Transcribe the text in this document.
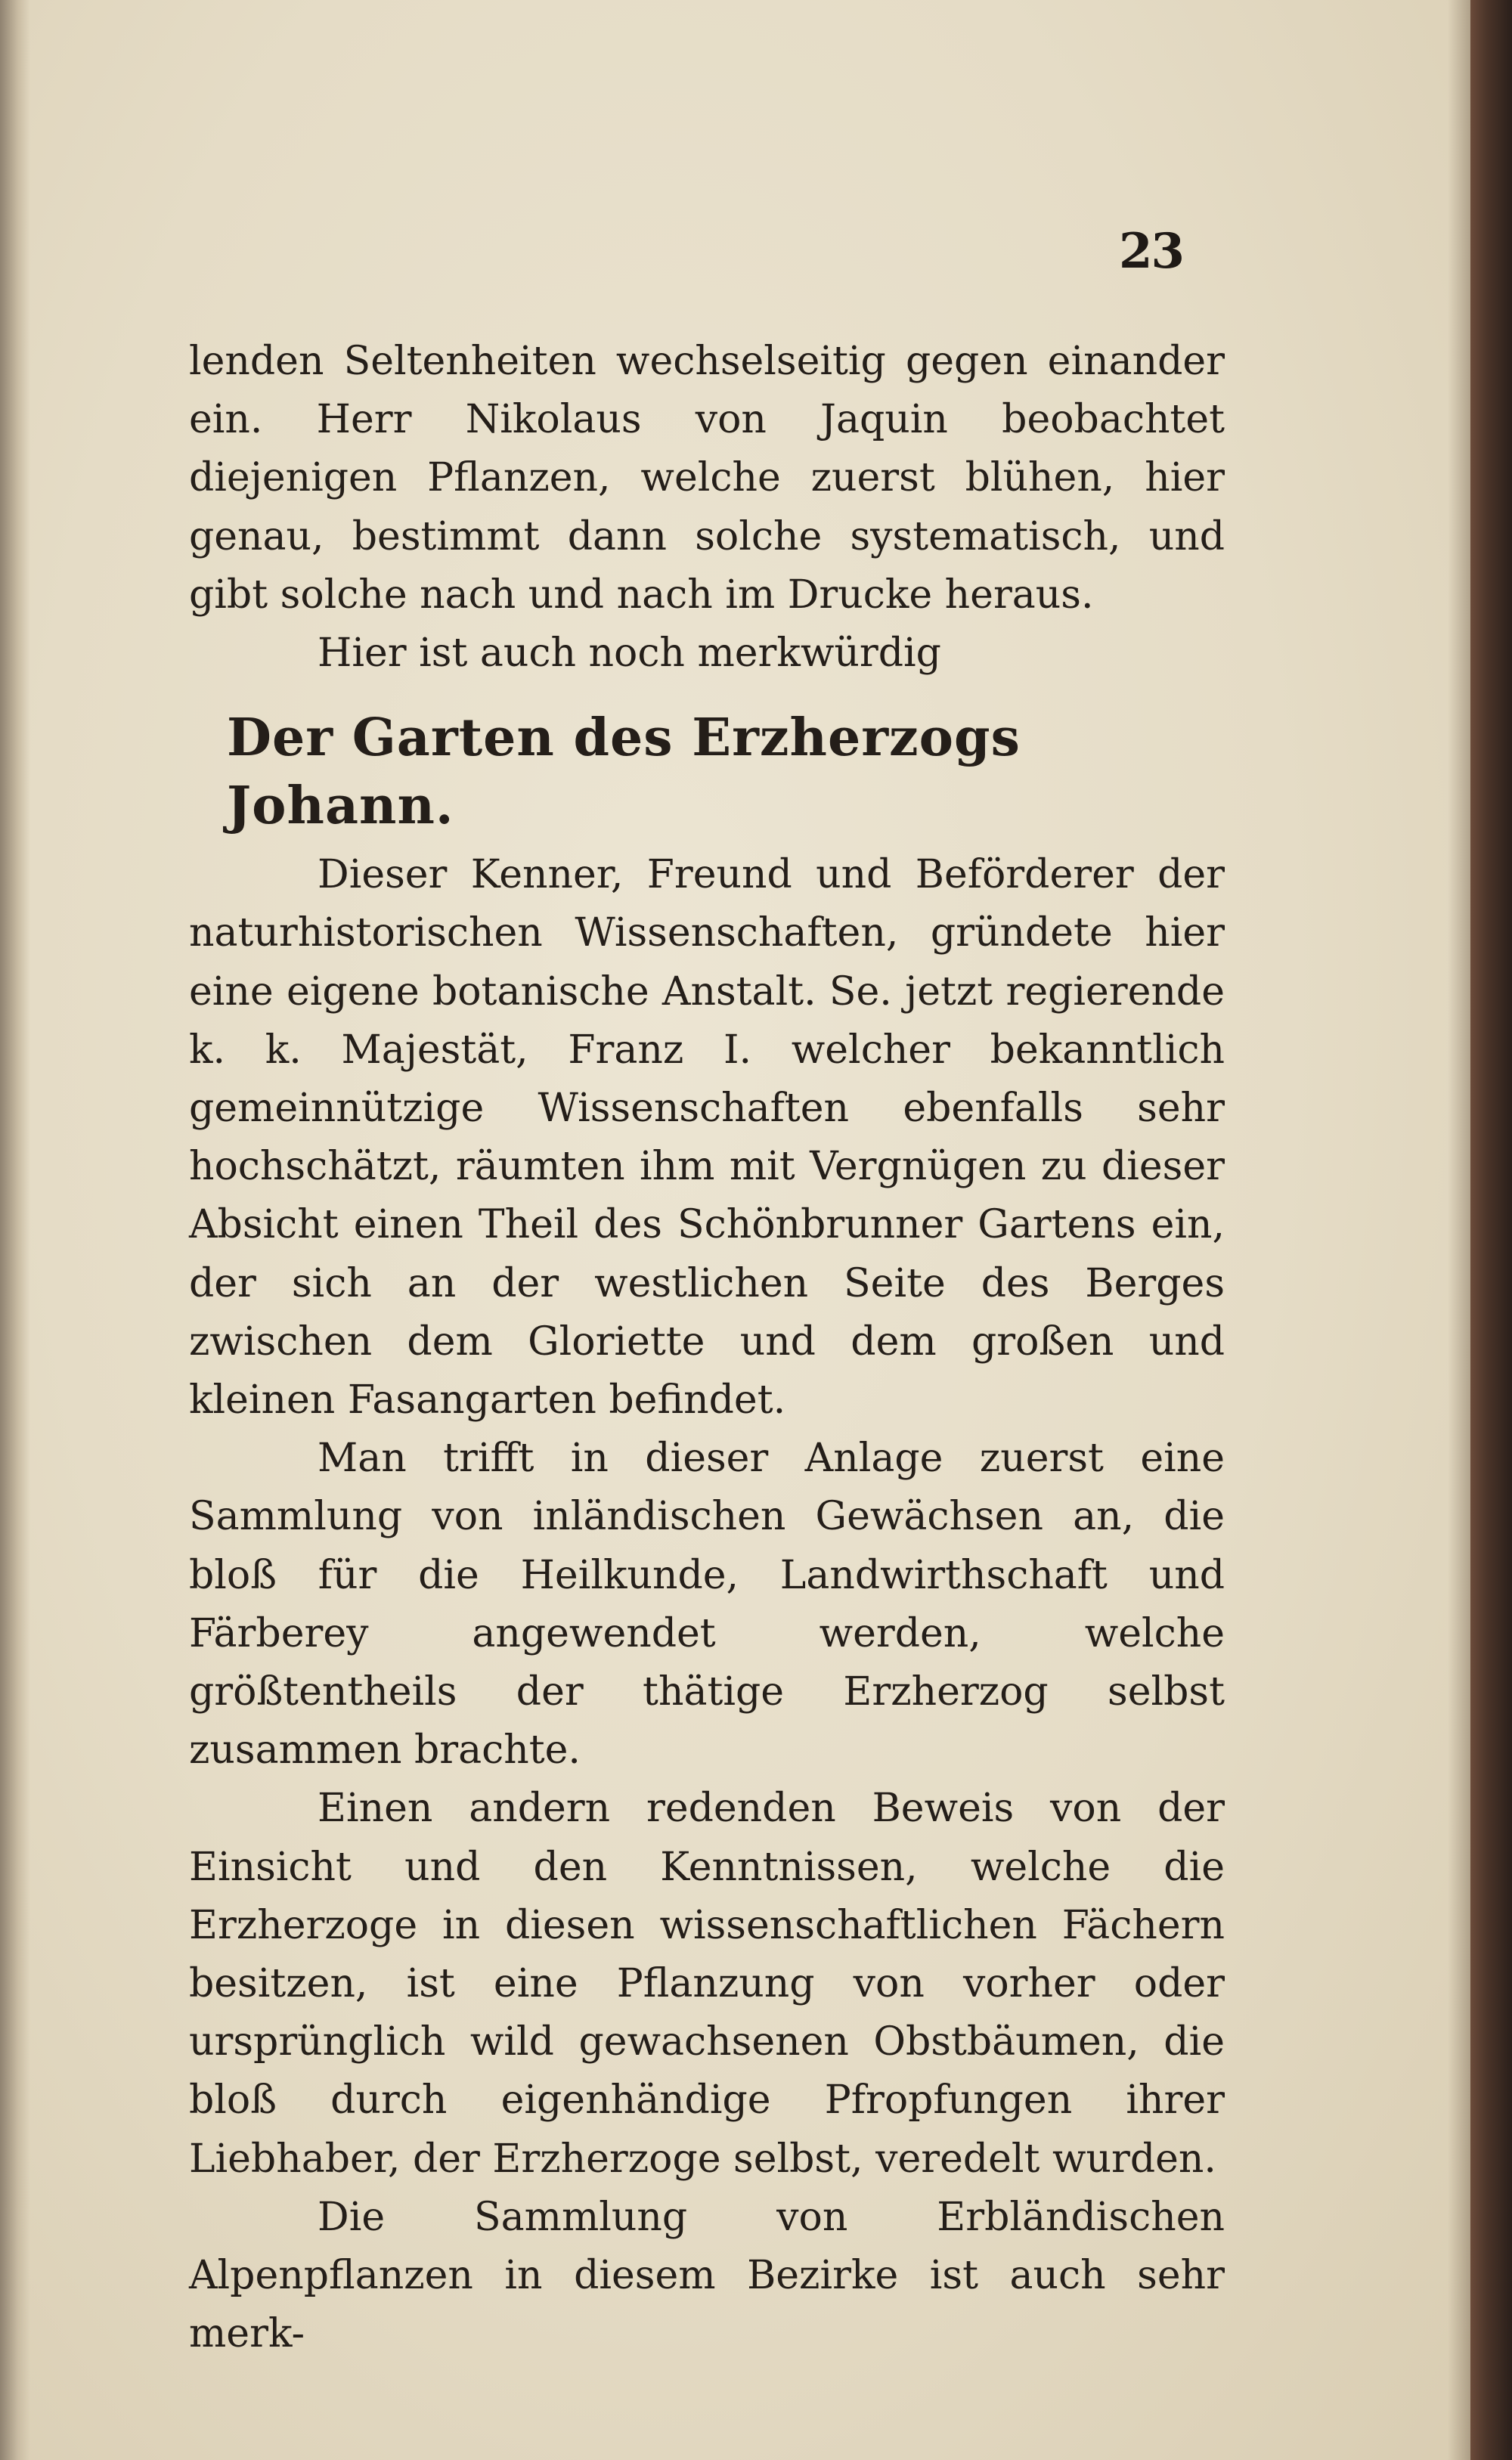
23

lenden Seltenheiten wechselseitig gegen einander ein. Herr Nikolaus von Jaquin beobachtet diejenigen Pflanzen, welche zuerst blühen, hier genau, bestimmt dann solche systematisch, und gibt solche nach und nach im Drucke heraus.

Hier ist auch noch merkwürdig

Der Garten des Erzherzogs Johann.

Dieser Kenner, Freund und Beförderer der naturhistorischen Wissenschaften, gründete hier eine eigene botanische Anstalt. Se. jetzt regierende k. k. Majestät, Franz I. welcher bekanntlich gemeinnützige Wissenschaften ebenfalls sehr hochschätzt, räumten ihm mit Vergnügen zu dieser Absicht einen Theil des Schönbrunner Gartens ein, der sich an der westlichen Seite des Berges zwischen dem Gloriette und dem großen und kleinen Fasangarten befindet.

Man trifft in dieser Anlage zuerst eine Sammlung von inländischen Gewächsen an, die bloß für die Heilkunde, Landwirthschaft und Färberey angewendet werden, welche größtentheils der thätige Erzherzog selbst zusammen brachte.

Einen andern redenden Beweis von der Einsicht und den Kenntnissen, welche die Erzherzoge in diesen wissenschaftlichen Fächern besitzen, ist eine Pflanzung von vorher oder ursprünglich wild gewachsenen Obstbäumen, die bloß durch eigenhändige Pfropfungen ihrer Liebhaber, der Erzherzoge selbst, veredelt wurden.

Die Sammlung von Erbländischen Alpenpflanzen in diesem Bezirke ist auch sehr merk-
